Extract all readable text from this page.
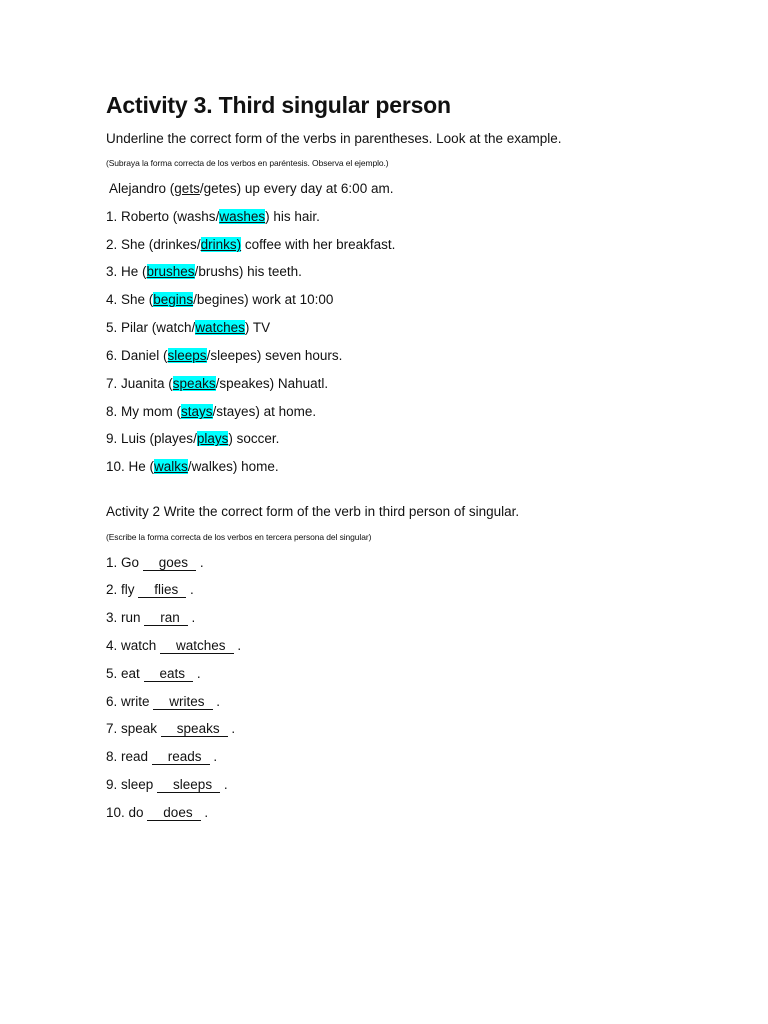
Activity 3. Third singular person
Underline the correct form of the verbs in parentheses. Look at the example.
(Subraya la forma correcta de los verbos en paréntesis. Observa el ejemplo.)
Alejandro (gets/getes) up every day at 6:00 am.
1. Roberto (washs/washes) his hair.
2. She (drinkes/drinks) coffee with her breakfast.
3. He (brushes/brushs) his teeth.
4. She (begins/begines) work at 10:00
5. Pilar (watch/watches) TV
6. Daniel (sleeps/sleepes) seven hours.
7. Juanita (speaks/speakes) Nahuatl.
8. My mom (stays/stayes) at home.
9. Luis (playes/plays) soccer.
10. He (walks/walkes) home.
Activity 2 Write the correct form of the verb in third person of singular.
(Escribe la forma correcta de los verbos en tercera persona del singular)
1. Go goes .
2. fly flies .
3. run ran .
4. watch watches .
5. eat eats .
6. write writes .
7. speak speaks .
8. read reads .
9. sleep sleeps .
10. do does .
